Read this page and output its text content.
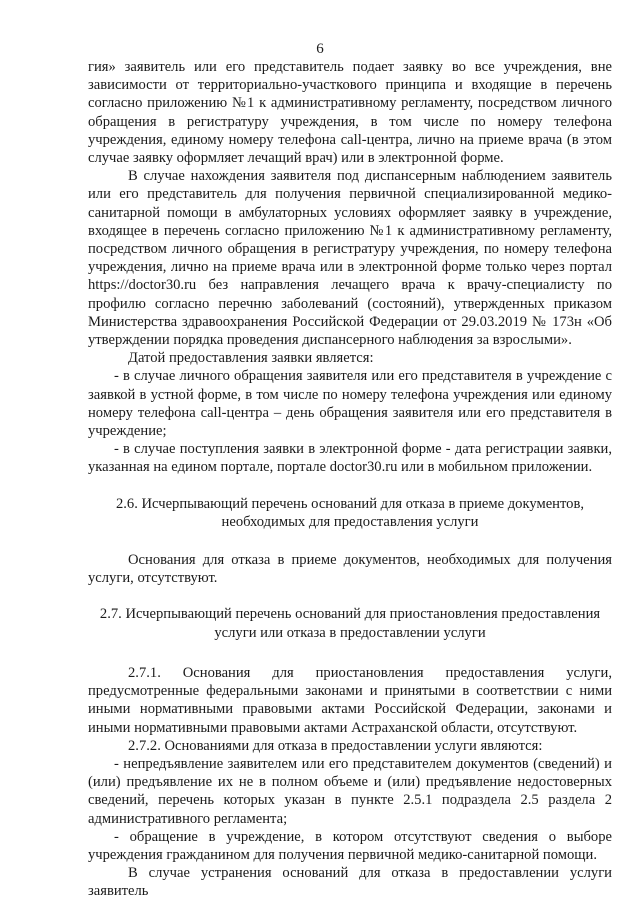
6

гия» заявитель или его представитель подает заявку во все учреждения, вне зависимости от территориально-участкового принципа и входящие в перечень согласно приложению №1 к административному регламенту, посредством личного обращения в регистратуру учреждения, в том числе по номеру телефона учреждения, единому номеру телефона call-центра, лично на приеме врача (в этом случае заявку оформляет лечащий врач) или в электронной форме.

В случае нахождения заявителя под диспансерным наблюдением заявитель или его представитель для получения первичной специализированной медико-санитарной помощи в амбулаторных условиях оформляет заявку в учреждение, входящее в перечень согласно приложению №1 к административному регламенту, посредством личного обращения в регистратуру учреждения, по номеру телефона учреждения, лично на приеме врача или в электронной форме только через портал https://doctor30.ru без направления лечащего врача к врачу-специалисту по профилю согласно перечню заболеваний (состояний), утвержденных приказом Министерства здравоохранения Российской Федерации от 29.03.2019 № 173н «Об утверждении порядка проведения диспансерного наблюдения за взрослыми».

Датой предоставления заявки является:

- в случае личного обращения заявителя или его представителя в учреждение с заявкой в устной форме, в том числе по номеру телефона учреждения или единому номеру телефона call-центра – день обращения заявителя или его представителя в учреждение;

- в случае поступления заявки в электронной форме - дата регистрации заявки, указанная на едином портале, портале doctor30.ru или в мобильном приложении.

2.6. Исчерпывающий перечень оснований для отказа в приеме документов, необходимых для предоставления услуги

Основания для отказа в приеме документов, необходимых для получения услуги, отсутствуют.

2.7. Исчерпывающий перечень оснований для приостановления предоставления услуги или отказа в предоставлении услуги

2.7.1. Основания для приостановления предоставления услуги, предусмотренные федеральными законами и принятыми в соответствии с ними иными нормативными правовыми актами Российской Федерации, законами и иными нормативными правовыми актами Астраханской области, отсутствуют.

2.7.2. Основаниями для отказа в предоставлении услуги являются:

- непредъявление заявителем или его представителем документов (сведений) и (или) предъявление их не в полном объеме и (или) предъявление недостоверных сведений, перечень которых указан в пункте 2.5.1 подраздела 2.5 раздела 2 административного регламента;

- обращение в учреждение, в котором отсутствуют сведения о выборе учреждения гражданином для получения первичной медико-санитарной помощи.

В случае устранения оснований для отказа в предоставлении услуги заявитель
